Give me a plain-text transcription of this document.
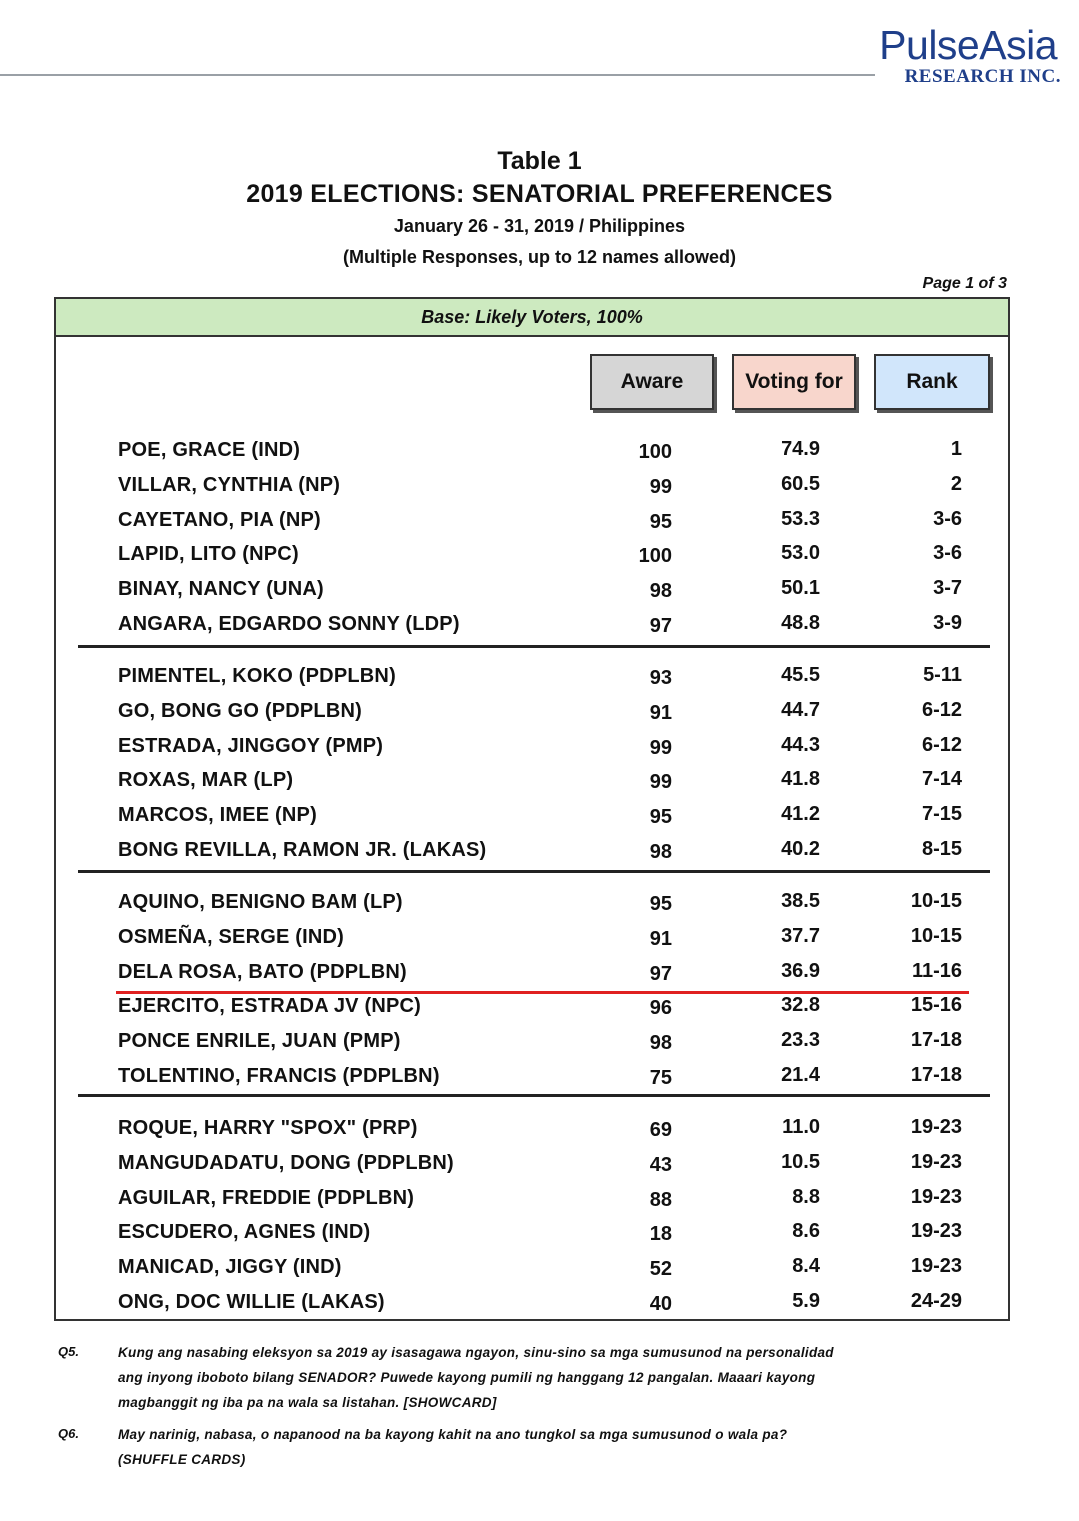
PulseAsia
RESEARCH INC.
Table 1
2019 ELECTIONS: SENATORIAL PREFERENCES
January 26 - 31, 2019 / Philippines
(Multiple Responses, up to 12 names allowed)
Page 1 of 3
Base: Likely Voters, 100%
Aware	Voting for	Rank
POE, GRACE (IND)	100	74.9	1
VILLAR, CYNTHIA (NP)	99	60.5	2
CAYETANO, PIA (NP)	95	53.3	3-6
LAPID, LITO (NPC)	100	53.0	3-6
BINAY, NANCY (UNA)	98	50.1	3-7
ANGARA, EDGARDO SONNY (LDP)	97	48.8	3-9
PIMENTEL, KOKO (PDPLBN)	93	45.5	5-11
GO, BONG GO (PDPLBN)	91	44.7	6-12
ESTRADA, JINGGOY (PMP)	99	44.3	6-12
ROXAS, MAR (LP)	99	41.8	7-14
MARCOS, IMEE (NP)	95	41.2	7-15
BONG REVILLA, RAMON JR. (LAKAS)	98	40.2	8-15
AQUINO, BENIGNO BAM (LP)	95	38.5	10-15
OSMEÑA, SERGE (IND)	91	37.7	10-15
DELA ROSA, BATO (PDPLBN)	97	36.9	11-16
EJERCITO, ESTRADA JV (NPC)	96	32.8	15-16
PONCE ENRILE, JUAN (PMP)	98	23.3	17-18
TOLENTINO, FRANCIS (PDPLBN)	75	21.4	17-18
ROQUE, HARRY "SPOX" (PRP)	69	11.0	19-23
MANGUDADATU, DONG (PDPLBN)	43	10.5	19-23
AGUILAR, FREDDIE (PDPLBN)	88	8.8	19-23
ESCUDERO, AGNES (IND)	18	8.6	19-23
MANICAD, JIGGY (IND)	52	8.4	19-23
ONG, DOC WILLIE (LAKAS)	40	5.9	24-29
Q5.	Kung ang nasabing eleksyon sa 2019 ay isasagawa ngayon, sinu-sino sa mga sumusunod na personalidad
ang inyong iboboto bilang SENADOR? Puwede kayong pumili ng hanggang 12 pangalan. Maaari kayong
magbanggit ng iba pa na wala sa listahan. [SHOWCARD]
Q6.	May narinig, nabasa, o napanood na ba kayong kahit na ano tungkol sa mga sumusunod o wala pa?
(SHUFFLE CARDS)
